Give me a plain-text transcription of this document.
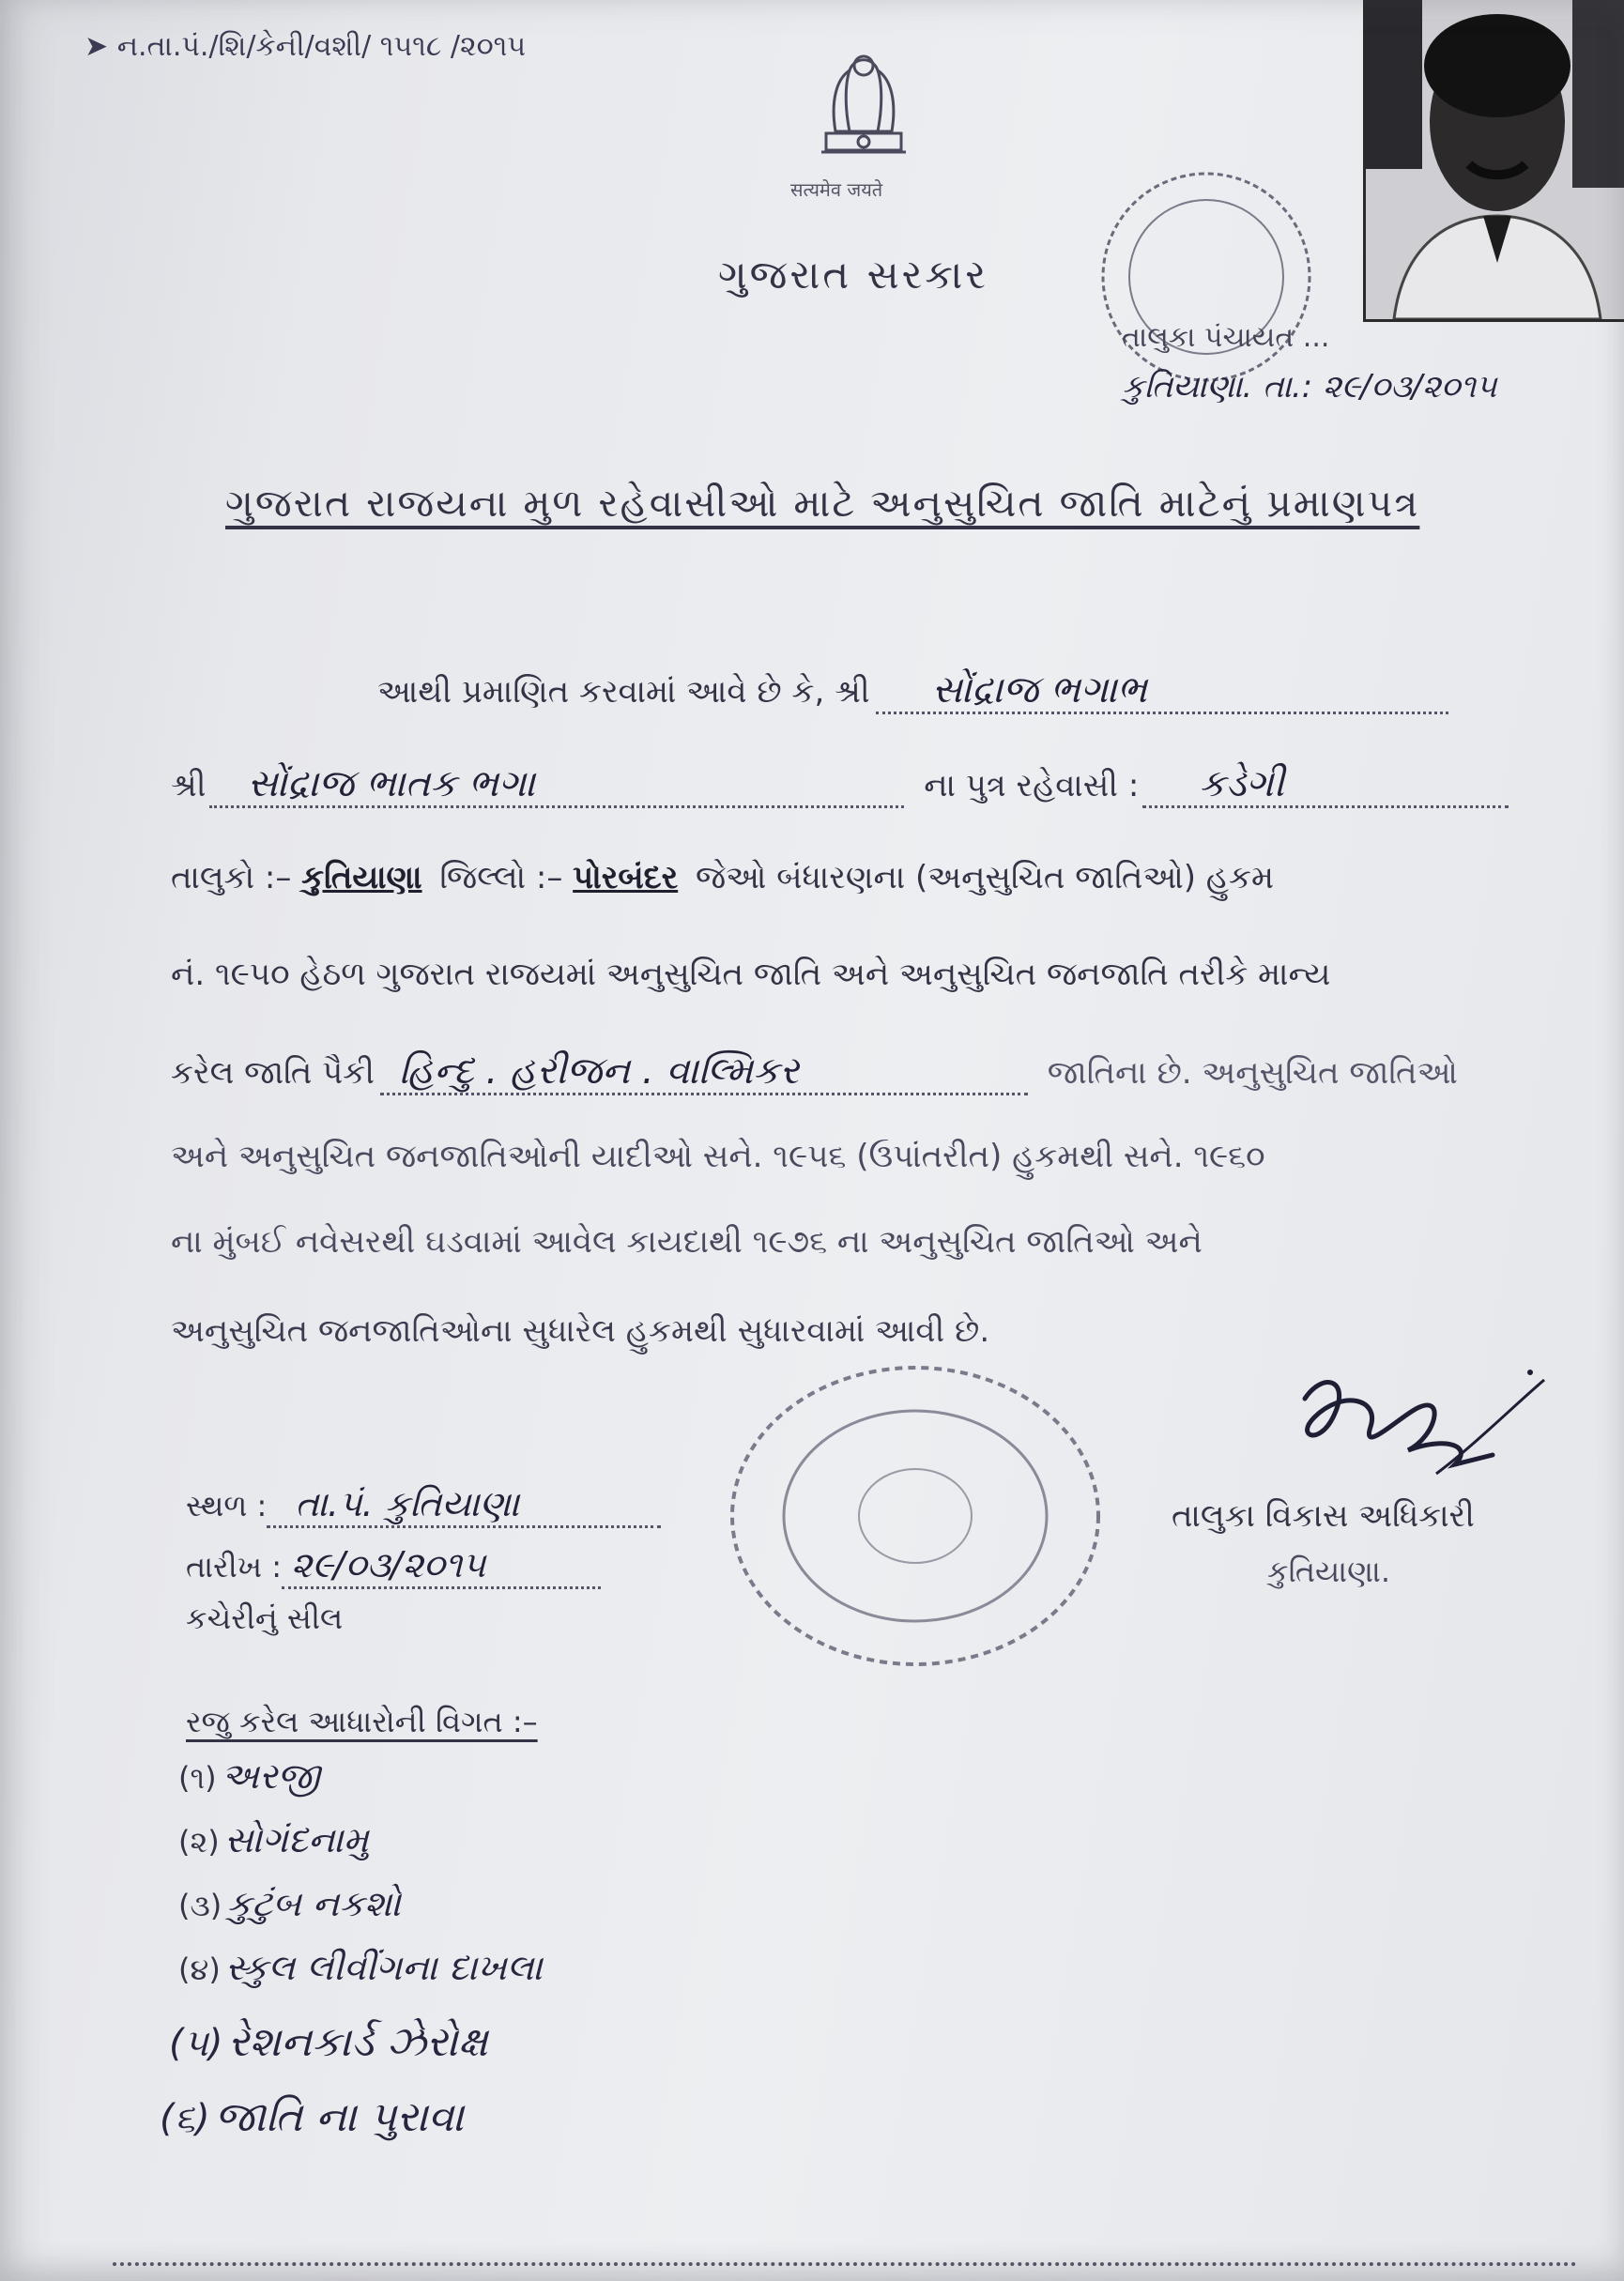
➤ ન.તા.પં./શિ/કેની/વશી/ ૧૫૧૮ /૨૦૧૫
सत्यमेव जयते
ગુજરાત સરકાર
તાલુકા પંચાયત ...
કુતિયાણા. તા.: ૨૯/૦૩/૨૦૧૫
ગુજરાત રાજયના મુળ રહેવાસીઓ માટે અનુસુચિત જાતિ માટેનું પ્રમાણપત્ર
આથી પ્રમાણિત કરવામાં આવે છે કે, શ્રી સોંદ્રાજ ભગાભ
શ્રી સોંદ્રાજ ભાતક ભગા	ના પુત્ર રહેવાસી : કડેગી
તાલુકો :– કુતિયાણા જિલ્લો :– પોરબંદર જેઓ બંધારણના (અનુસુચિત જાતિઓ) હુકમ
નં. ૧૯૫૦ હેઠળ ગુજરાત રાજયમાં અનુસુચિત જાતિ અને અનુસુચિત જનજાતિ તરીકે માન્ય
કરેલ જાતિ પૈકી હિન્દુ . હરીજન . વાલ્મિકર	જાતિના છે. અનુસુચિત જાતિઓ
અને અનુસુચિત જનજાતિઓની યાદીઓ સને. ૧૯૫૬ (ઉપાંતરીત) હુકમથી સને. ૧૯૬૦
ના મુંબઈ નવેસરથી ઘડવામાં આવેલ કાયદાથી ૧૯૭૬ ના અનુસુચિત જાતિઓ અને
અનુસુચિત જનજાતિઓના સુધારેલ હુકમથી સુધારવામાં આવી છે.
તાલુકા વિકાસ અધિકારી
કુતિયાણા.
સ્થળ : તા.પં. કુતિયાણા
તારીખ : ૨૯/૦૩/૨૦૧૫
કચેરીનું સીલ
રજુ કરેલ આધારોની વિગત :–
(૧) અરજી
(૨) સોગંદનામુ
(૩) કુટુંબ નકશો
(૪) સ્કુલ લીવીંગના દાખલા
(૫) રેશનકાર્ડ ઝેરોક્ષ
(૬) જાતિ ના પુરાવા
